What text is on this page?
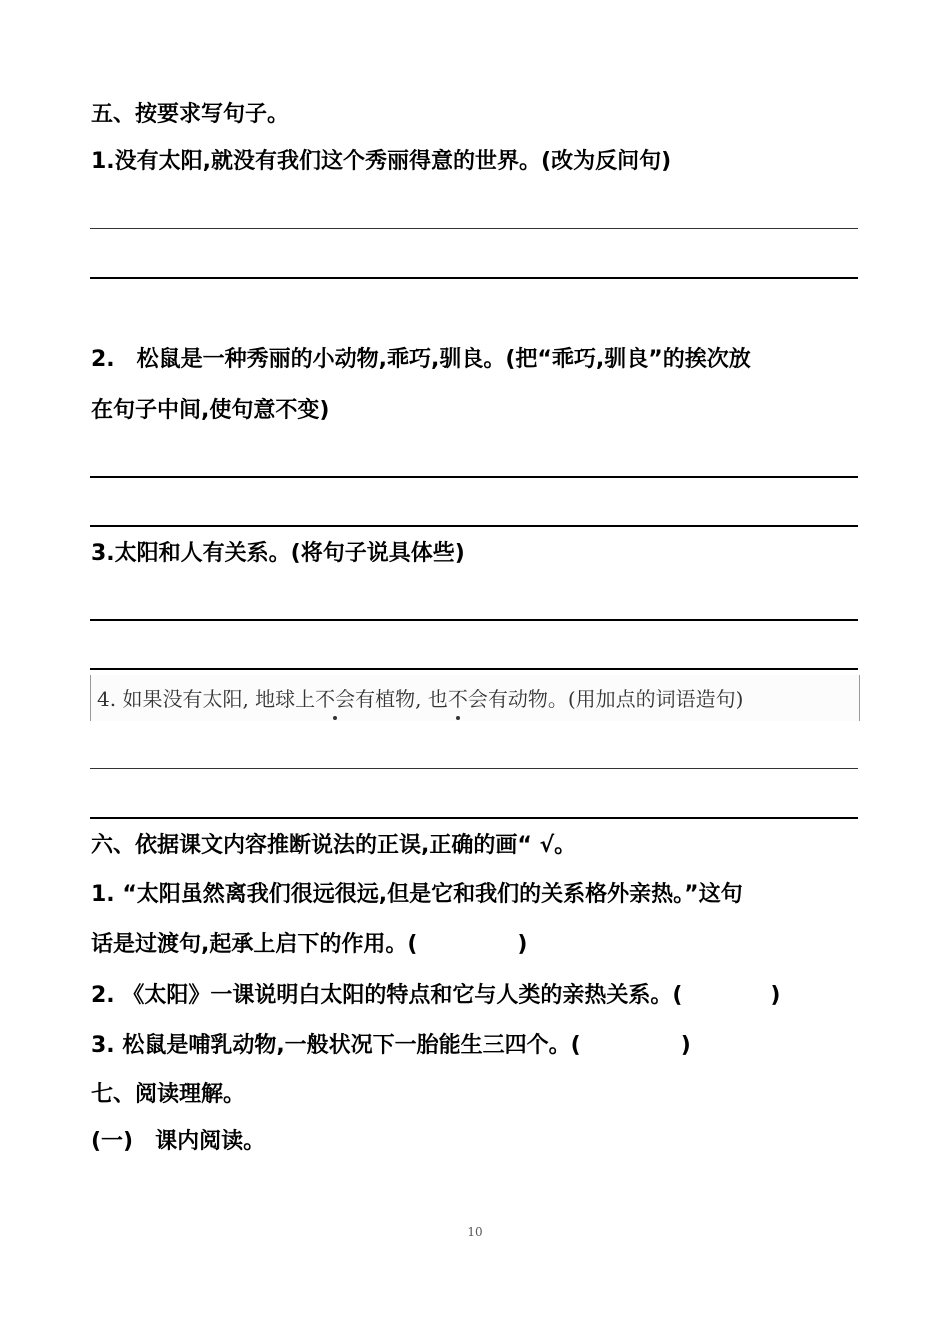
五、按要求写句子。
1.没有太阳,就没有我们这个秀丽得意的世界。(改为反问句)
2.　松鼠是一种秀丽的小动物,乖巧,驯良。(把“乖巧,驯良”的挨次放
在句子中间,使句意不变)
3.太阳和人有关系。(将句子说具体些)
4. 如果没有太阳, 地球上不会有植物, 也不会有动物。(用加点的词语造句)
六、依据课文内容推断说法的正误,正确的画“ √。
1. “太阳虽然离我们很远很远,但是它和我们的关系格外亲热。”这句
话是过渡句,起承上启下的作用。(	)
2. 《太阳》一课说明白太阳的特点和它与人类的亲热关系。(	)
3. 松鼠是哺乳动物,一般状况下一胎能生三四个。(	)
七、阅读理解。
(一)　课内阅读。
10
